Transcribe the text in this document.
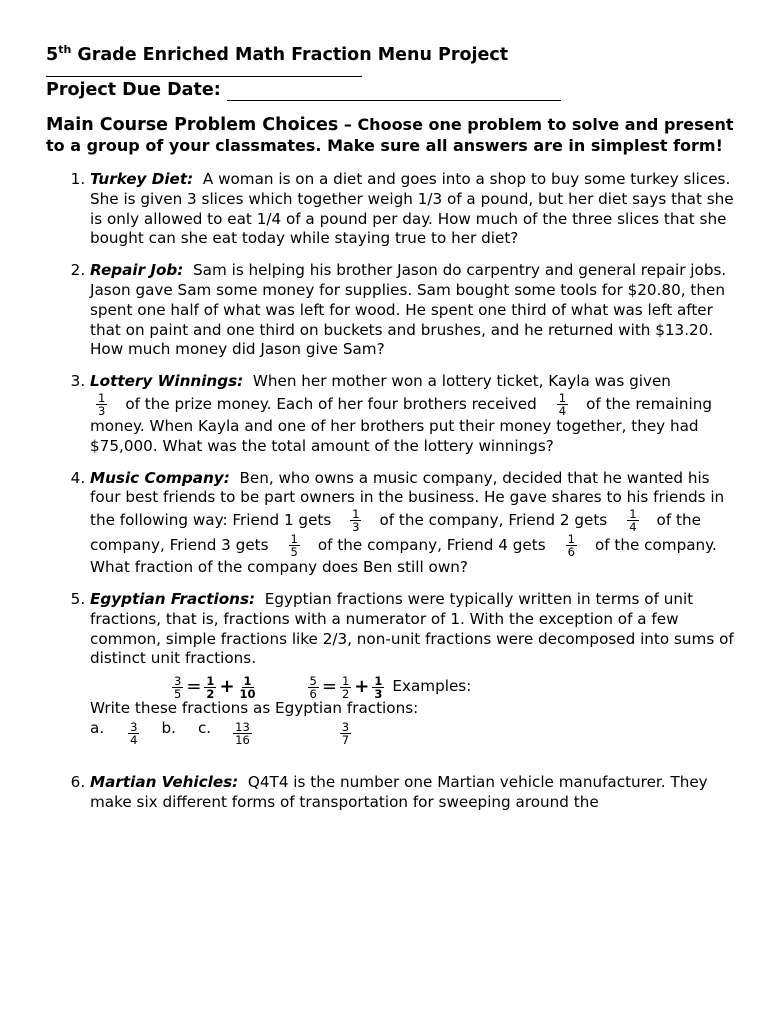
5th Grade Enriched Math Fraction Menu Project
Project Due Date:
Main Course Problem Choices – Choose one problem to solve and present to a group of your classmates. Make sure all answers are in simplest form!
1. Turkey Diet: A woman is on a diet and goes into a shop to buy some turkey slices. She is given 3 slices which together weigh 1/3 of a pound, but her diet says that she is only allowed to eat 1/4 of a pound per day. How much of the three slices that she bought can she eat today while staying true to her diet?
2. Repair Job: Sam is helping his brother Jason do carpentry and general repair jobs. Jason gave Sam some money for supplies. Sam bought some tools for $20.80, then spent one half of what was left for wood. He spent one third of what was left after that on paint and one third on buckets and brushes, and he returned with $13.20. How much money did Jason give Sam?
3. Lottery Winnings: When her mother won a lottery ticket, Kayla was given

$\frac{1}{3}$ of the prize money. Each of her four brothers received $\frac{1}{4}$ of the remaining money. When Kayla and one of her brothers put their money together, they had $75,000. What was the total amount of the lottery winnings?
4. Music Company: Ben, who owns a music company, decided that he wanted his four best friends to be part owners in the business. He gave shares to his friends in the following way: Friend 1 gets $\frac{1}{3}$ of the company, Friend 2 gets $\frac{1}{4}$ of the company, Friend 3 gets $\frac{1}{5}$ of the company, Friend 4 gets $\frac{1}{6}$ of the company. What fraction of the company does Ben still own?
5. Egyptian Fractions: Egyptian fractions were typically written in terms of unit fractions, that is, fractions with a numerator of 1. With the exception of a few common, simple fractions like 2/3, non-unit fractions were decomposed into sums of distinct unit fractions.
$\frac{3}{5} = \frac{1}{2} + \frac{1}{10}$	$\frac{5}{6} = \frac{1}{2} + \frac{1}{3}$ Examples:
Write these fractions as Egyptian fractions:
a. $\frac{3}{4} b$. c. $\frac{13}{16}$	$\frac{3}{7}$
6. Martian Vehicles: Q4T4 is the number one Martian vehicle manufacturer. They make six different forms of transportation for sweeping around the
